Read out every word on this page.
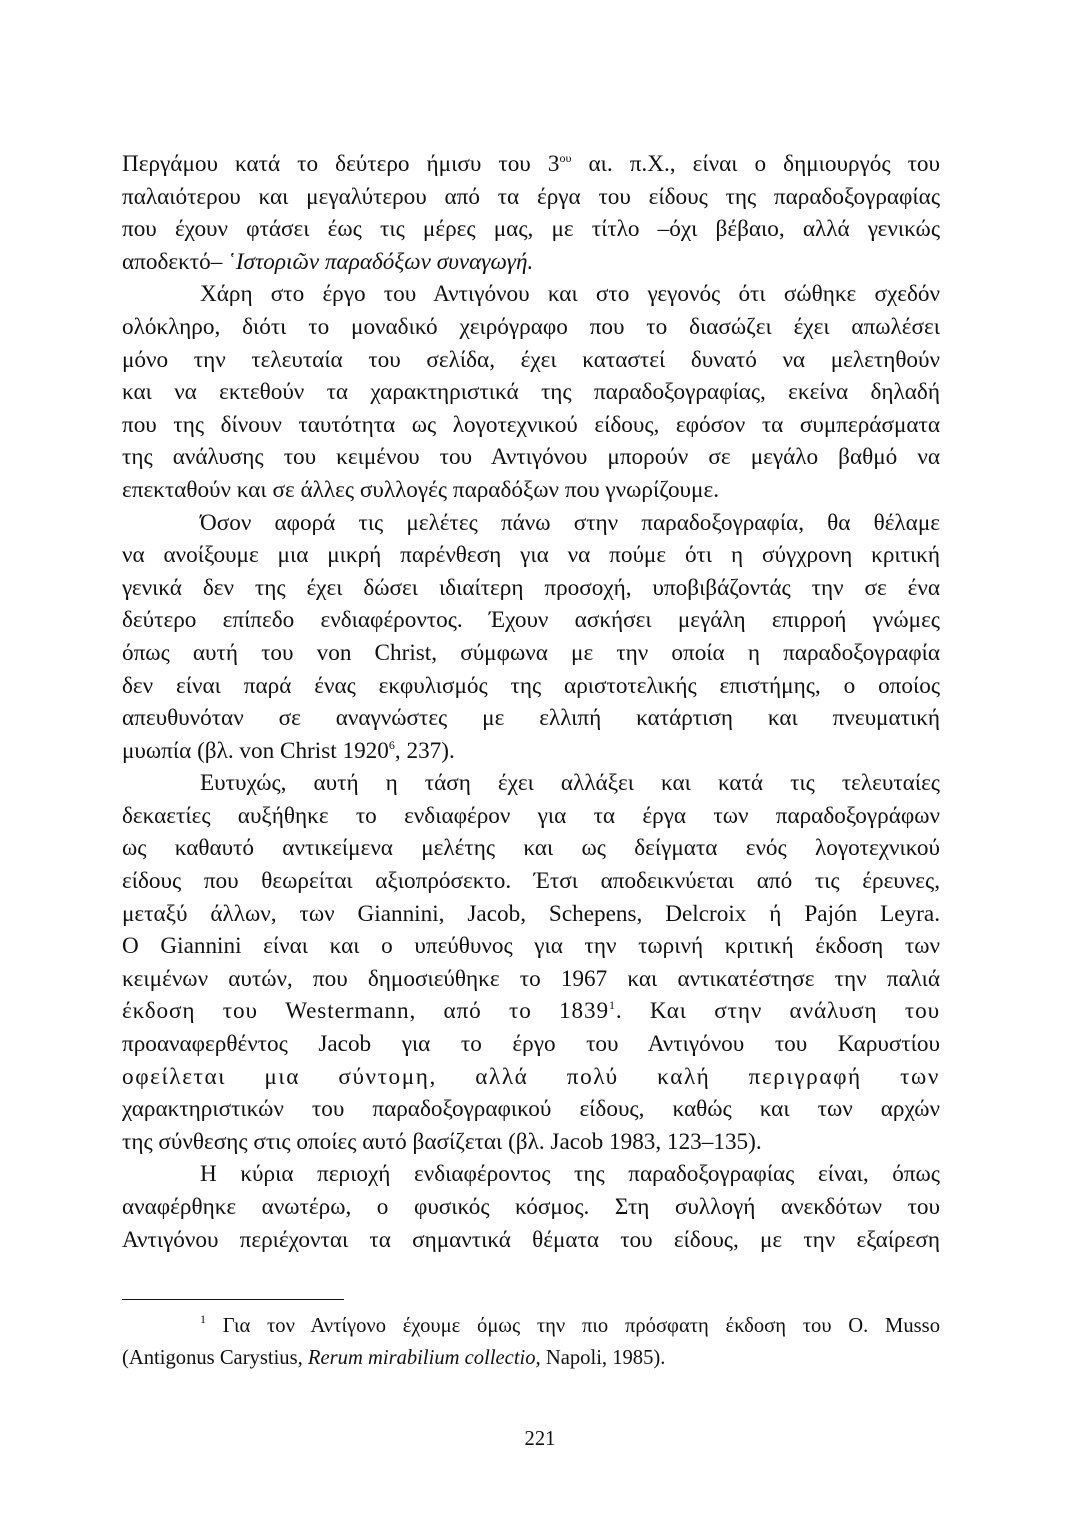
Περγάμου κατά το δεύτερο ήμισυ του $3^{o\upsilon}$ αι. π.Χ., είναι ο δημιουργός του
παλαιότερου και μεγαλύτερου από τα έργα του είδους της παραδοξογραφίας
που έχουν φτάσει έως τις μέρες μας, με τίτλο –όχι βέβαιο, αλλά γενικώς
αποδεκτό– ῾Ιστοριῶν παραδόξων συναγωγή.
Χάρη στο έργο του Αντιγόνου και στο γεγονός ότι σώθηκε σχεδόν
ολόκληρο, διότι το μοναδικό χειρόγραφο που το διασώζει έχει απωλέσει
μόνο την τελευταία του σελίδα, έχει καταστεί δυνατό να μελετηθούν
και να εκτεθούν τα χαρακτηριστικά της παραδοξογραφίας, εκείνα δηλαδή
που της δίνουν ταυτότητα ως λογοτεχνικού είδους, εφόσον τα συμπεράσματα
της ανάλυσης του κειμένου του Αντιγόνου μπορούν σε μεγάλο βαθμό να
επεκταθούν και σε άλλες συλλογές παραδόξων που γνωρίζουμε.
Όσον αφορά τις μελέτες πάνω στην παραδοξογραφία, θα θέλαμε
να ανοίξουμε μια μικρή παρένθεση για να πούμε ότι η σύγχρονη κριτική
γενικά δεν της έχει δώσει ιδιαίτερη προσοχή, υποβιβάζοντάς την σε ένα
δεύτερο επίπεδο ενδιαφέροντος. Έχουν ασκήσει μεγάλη επιρροή γνώμες
όπως αυτή του von Christ, σύμφωνα με την οποία η παραδοξογραφία
δεν είναι παρά ένας εκφυλισμός της αριστοτελικής επιστήμης, ο οποίος
απευθυνόταν σε αναγνώστες με ελλιπή κατάρτιση και πνευματική
μυωπία (βλ. von Christ 1920$^6$, 237).
Ευτυχώς, αυτή η τάση έχει αλλάξει και κατά τις τελευταίες
δεκαετίες αυξήθηκε το ενδιαφέρον για τα έργα των παραδοξογράφων
ως καθαυτό αντικείμενα μελέτης και ως δείγματα ενός λογοτεχνικού
είδους που θεωρείται αξιοπρόσεκτο. Έτσι αποδεικνύεται από τις έρευνες,
μεταξύ άλλων, των Giannini, Jacob, Schepens, Delcroix ή Pajón Leyra.
Ο Giannini είναι και ο υπεύθυνος για την τωρινή κριτική έκδοση των
κειμένων αυτών, που δημοσιεύθηκε το 1967 και αντικατέστησε την παλιά
έκδοση του Westermann, από το 1839$^1$. Και στην ανάλυση του
προαναφερθέντος Jacob για το έργο του Αντιγόνου του Καρυστίου
οφείλεται μια σύντομη, αλλά πολύ καλή περιγραφή των
χαρακτηριστικών του παραδοξογραφικού είδους, καθώς και των αρχών
της σύνθεσης στις οποίες αυτό βασίζεται (βλ. Jacob 1983, 123–135).
Η κύρια περιοχή ενδιαφέροντος της παραδοξογραφίας είναι, όπως
αναφέρθηκε ανωτέρω, ο φυσικός κόσμος. Στη συλλογή ανεκδότων του
Αντιγόνου περιέχονται τα σημαντικά θέματα του είδους, με την εξαίρεση
$^1$ Για τον Αντίγονο έχουμε όμως την πιο πρόσφατη έκδοση του O. Musso
(Antigonus Carystius, Rerum mirabilium collectio, Napoli, 1985).
221
